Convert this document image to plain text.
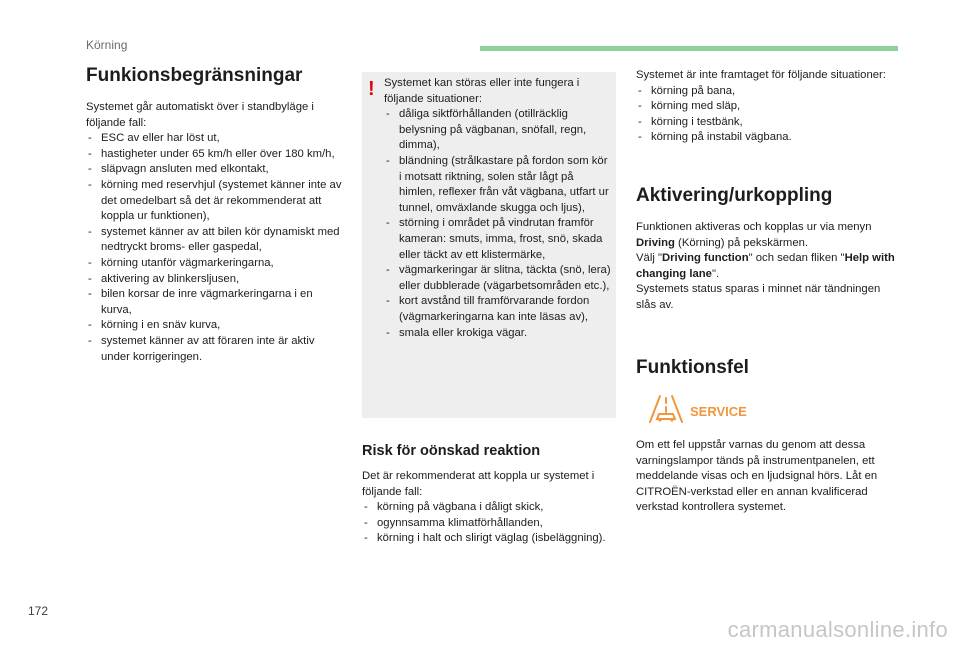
Körning
Funkionsbegränsningar

Systemet går automatiskt över i standbyläge i följande fall:

- ESC av eller har löst ut,
- hastigheter under 65 km/h eller över 180 km/h,
- släpvagn ansluten med elkontakt,
- körning med reservhjul (systemet känner inte av det omedelbart så det är rekommenderat att koppla ur funktionen),
- systemet känner av att bilen kör dynamiskt med nedtryckt broms- eller gaspedal,
- körning utanför vägmarkeringarna,
- aktivering av blinkersljusen,
- bilen korsar de inre vägmarkeringarna i en kurva,
- körning i en snäv kurva,
- systemet känner av att föraren inte är aktiv under korrigeringen.
! Systemet kan störas eller inte fungera i följande situationer:

- dåliga siktförhållanden (otillräcklig belysning på vägbanan, snöfall, regn, dimma),
- bländning (strålkastare på fordon som kör i motsatt riktning, solen står lågt på himlen, reflexer från våt vägbana, utfart ur tunnel, omväxlande skugga och ljus),
- störning i området på vindrutan framför kameran: smuts, imma, frost, snö, skada eller täckt av ett klistermärke,
- vägmarkeringar är slitna, täckta (snö, lera) eller dubblerade (vägarbetsområden etc.),
- kort avstånd till framförvarande fordon (vägmarkeringarna kan inte läsas av),
- smala eller krokiga vägar.
Risk för oönskad reaktion

Det är rekommenderat att koppla ur systemet i följande fall:

- körning på vägbana i dåligt skick,
- ogynnsamma klimatförhållanden,
- körning i halt och slirigt väglag (isbeläggning).

Systemet är inte framtaget för följande situationer:

- körning på bana,
- körning med släp,
- körning i testbänk,
- körning på instabil vägbana.
Aktivering/urkoppling

Funktionen aktiveras och kopplas ur via menyn Driving (Körning) på pekskärmen.

Välj "Driving function" och sedan fliken "Help with changing lane".

Systemets status sparas i minnet när tändningen slås av.

Funktionsfel
SERVICE

Om ett fel uppstår varnas du genom att dessa varningslampor tänds på instrumentpanelen, ett meddelande visas och en ljudsignal hörs. Låt en CITROËN-verkstad eller en annan kvalificerad verkstad kontrollera systemet.

172
carmanualsonline.info
